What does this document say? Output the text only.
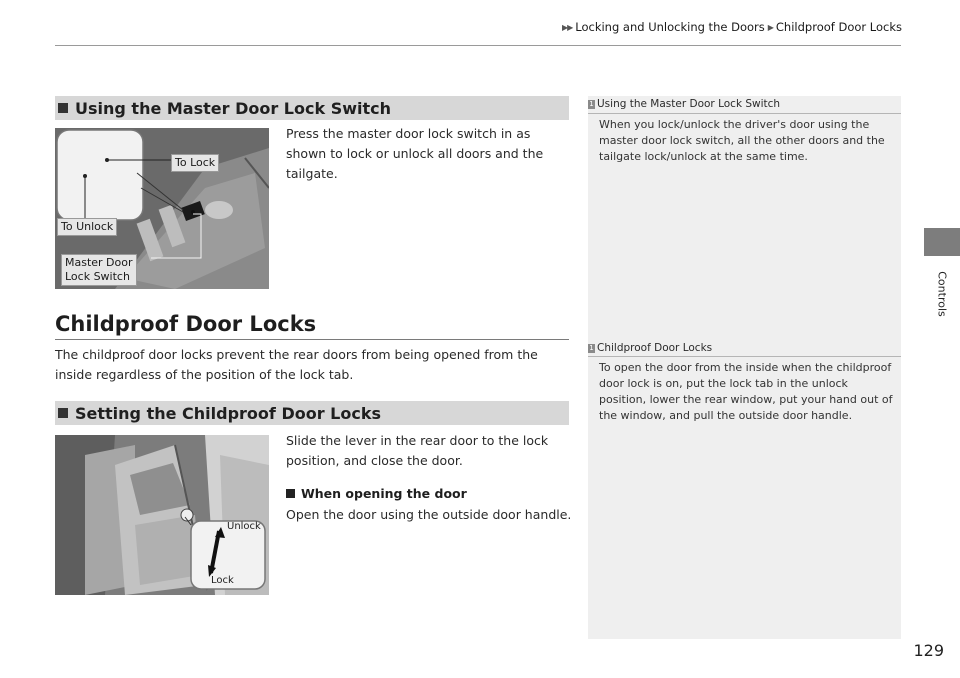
▶▶ Locking and Unlocking the Doors ▶ Childproof Door Locks
Controls
Using the Master Door Lock Switch
To Lock
To Unlock
Master Door
Lock Switch
Press the master door lock switch in as shown to lock or unlock all doors and the tailgate.
Childproof Door Locks
The childproof door locks prevent the rear doors from being opened from the inside regardless of the position of the lock tab.
Setting the Childproof Door Locks
Unlock
Lock
Slide the lever in the rear door to the lock position, and close the door.
When opening the door
Open the door using the outside door handle.
1 Using the Master Door Lock Switch
When you lock/unlock the driver's door using the master door lock switch, all the other doors and the tailgate lock/unlock at the same time.
1 Childproof Door Locks
To open the door from the inside when the childproof door lock is on, put the lock tab in the unlock position, lower the rear window, put your hand out of the window, and pull the outside door handle.
129
